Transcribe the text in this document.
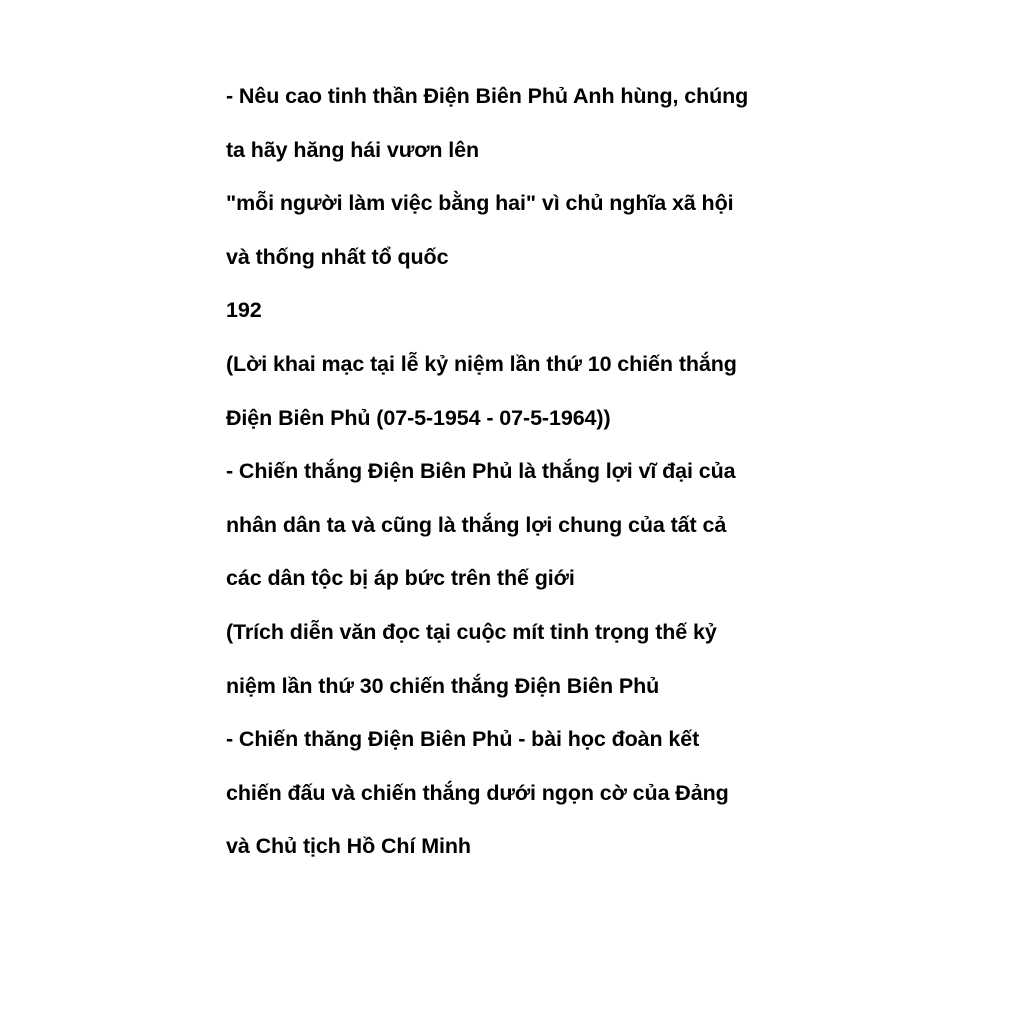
- Nêu cao tinh thần Điện Biên Phủ Anh hùng, chúng
ta hãy hăng hái vươn lên
"mỗi người làm việc bằng hai" vì chủ nghĩa xã hội
và thống nhất tổ quốc
192
(Lời khai mạc tại lễ kỷ niệm lần thứ 10 chiến thắng
Điện Biên Phủ (07-5-1954 - 07-5-1964))
- Chiến thắng Điện Biên Phủ là thắng lợi vĩ đại của
nhân dân ta và cũng là thắng lợi chung của tất cả
các dân tộc bị áp bức trên thế giới
(Trích diễn văn đọc tại cuộc mít tinh trọng thế kỷ
niệm lần thứ 30 chiến thắng Điện Biên Phủ
- Chiến thăng Điện Biên Phủ - bài học đoàn kết
chiến đấu và chiến thắng dưới ngọn cờ của Đảng
và Chủ tịch Hồ Chí Minh
